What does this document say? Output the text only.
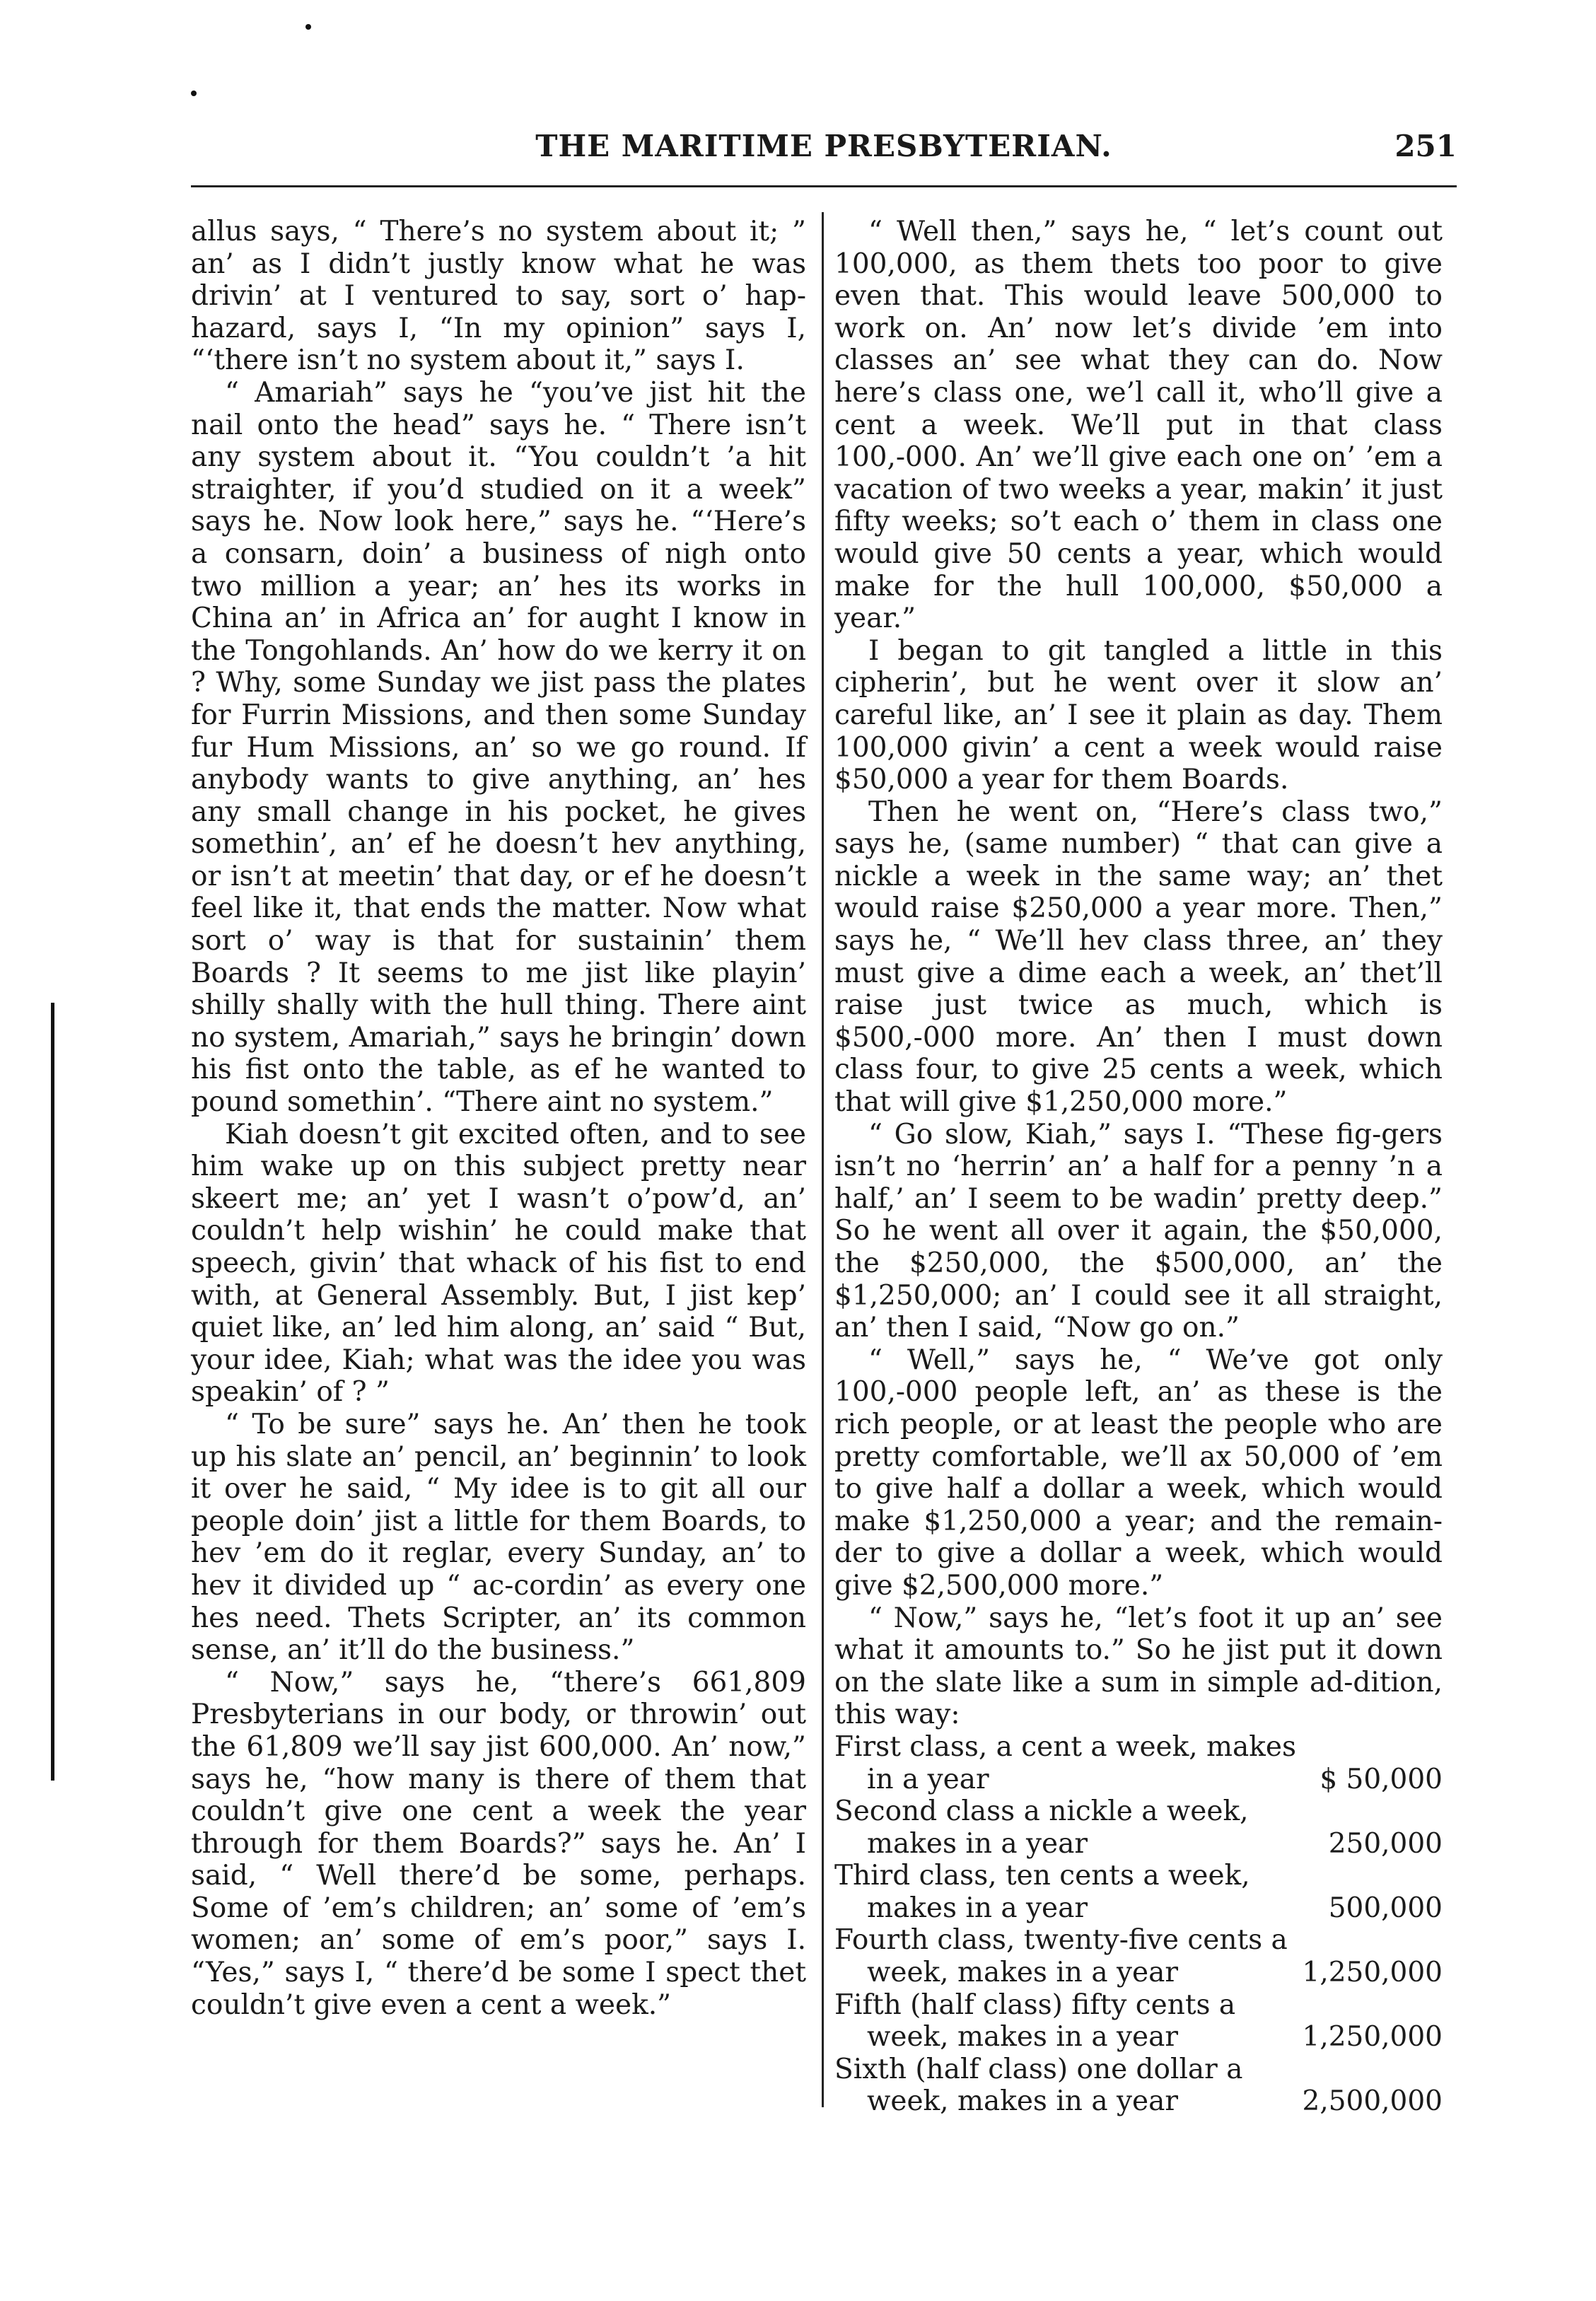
THE MARITIME PRESBYTERIAN.	251

allus says, “ There’s no system about it; ” an’ as I didn’t justly know what he was drivin’ at I ventured to say, sort o’ hap-hazard, says I, “In my opinion” says I, “‘there isn’t no system about it,” says I.

“ Amariah” says he “you’ve jist hit the nail onto the head” says he. “ There isn’t any system about it. “You couldn’t ’a hit straighter, if you’d studied on it a week” says he. Now look here,” says he. “‘Here’s a consarn, doin’ a business of nigh onto two million a year; an’ hes its works in China an’ in Africa an’ for aught I know in the Tongohlands. An’ how do we kerry it on ? Why, some Sunday we jist pass the plates for Furrin Missions, and then some Sunday fur Hum Missions, an’ so we go round. If anybody wants to give anything, an’ hes any small change in his pocket, he gives somethin’, an’ ef he doesn’t hev anything, or isn’t at meetin’ that day, or ef he doesn’t feel like it, that ends the matter. Now what sort o’ way is that for sustainin’ them Boards ? It seems to me jist like playin’ shilly shally with the hull thing. There aint no system, Amariah,” says he bringin’ down his fist onto the table, as ef he wanted to pound somethin’. “There aint no system.”

Kiah doesn’t git excited often, and to see him wake up on this subject pretty near skeert me; an’ yet I wasn’t o’pow’d, an’ couldn’t help wishin’ he could make that speech, givin’ that whack of his fist to end with, at General Assembly. But, I jist kep’ quiet like, an’ led him along, an’ said “ But, your idee, Kiah; what was the idee you was speakin’ of ? ”

“ To be sure” says he. An’ then he took up his slate an’ pencil, an’ beginnin’ to look it over he said, “ My idee is to git all our people doin’ jist a little for them Boards, to hev ’em do it reglar, every Sunday, an’ to hev it divided up “ ac-cordin’ as every one hes need. Thets Scripter, an’ its common sense, an’ it’ll do the business.”

“ Now,” says he, “there’s 661,809 Presbyterians in our body, or throwin’ out the 61,809 we’ll say jist 600,000. An’ now,” says he, “how many is there of them that couldn’t give one cent a week the year through for them Boards?” says he. An’ I said, “ Well there’d be some, perhaps. Some of ’em’s children; an’ some of ’em’s women; an’ some of em’s poor,” says I. “Yes,” says I, “ there’d be some I spect thet couldn’t give even a cent a week.”

“ Well then,” says he, “ let’s count out 100,000, as them thets too poor to give even that. This would leave 500,000 to work on. An’ now let’s divide ’em into classes an’ see what they can do. Now here’s class one, we’l call it, who’ll give a cent a week. We’ll put in that class 100,-000. An’ we’ll give each one on’ ’em a vacation of two weeks a year, makin’ it just fifty weeks; so’t each o’ them in class one would give 50 cents a year, which would make for the hull 100,000, $50,000 a year.”

I began to git tangled a little in this cipherin’, but he went over it slow an’ careful like, an’ I see it plain as day. Them 100,000 givin’ a cent a week would raise $50,000 a year for them Boards.

Then he went on, “Here’s class two,” says he, (same number) “ that can give a nickle a week in the same way; an’ thet would raise $250,000 a year more. Then,” says he, “ We’ll hev class three, an’ they must give a dime each a week, an’ thet’ll raise just twice as much, which is $500,-000 more. An’ then I must down class four, to give 25 cents a week, which that will give $1,250,000 more.”

“ Go slow, Kiah,” says I. “These fig-gers isn’t no ‘herrin’ an’ a half for a penny ’n a half,’ an’ I seem to be wadin’ pretty deep.” So he went all over it again, the $50,000, the $250,000, the $500,000, an’ the $1,250,000; an’ I could see it all straight, an’ then I said, “Now go on.”

“ Well,” says he, “ We’ve got only 100,-000 people left, an’ as these is the rich people, or at least the people who are pretty comfortable, we’ll ax 50,000 of ’em to give half a dollar a week, which would make $1,250,000 a year; and the remain-der to give a dollar a week, which would give $2,500,000 more.”

“ Now,” says he, “let’s foot it up an’ see what it amounts to.” So he jist put it down on the slate like a sum in simple ad-dition, this way:

First class, a cent a week, makes
in a year	$ 50,000
Second class a nickle a week,
makes in a year	250,000
Third class, ten cents a week,
makes in a year	500,000
Fourth class, twenty-five cents a
week, makes in a year	1,250,000
Fifth (half class) fifty cents a
week, makes in a year	1,250,000
Sixth (half class) one dollar a
week, makes in a year	2,500,000
